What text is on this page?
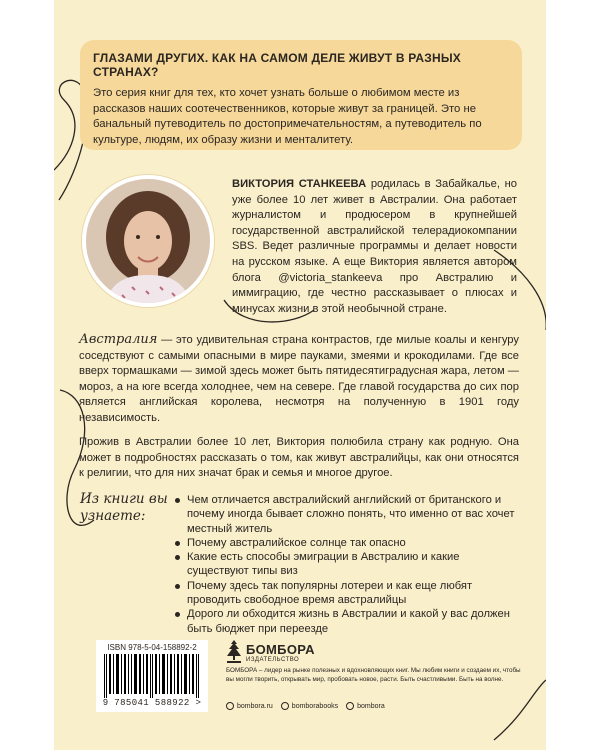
ГЛАЗАМИ ДРУГИХ. КАК НА САМОМ ДЕЛЕ ЖИВУТ В РАЗНЫХ СТРАНАХ?
Это серия книг для тех, кто хочет узнать больше о любимом месте из рассказов наших соотечественников, которые живут за границей. Это не банальный путеводитель по достопримечательностям, а путеводитель по культуре, людям, их образу жизни и менталитету.
ВИКТОРИЯ СТАНКЕЕВА родилась в Забайкалье, но уже более 10 лет живет в Австралии. Она работает журналистом и продюсером в крупнейшей государственной австралийской телерадиокомпании SBS. Ведет различные программы и делает новости на русском языке. А еще Виктория является автором блога @victoria_stankeeva про Австралию и иммиграцию, где честно рассказывает о плюсах и минусах жизни в этой необычной стране.
Австралия — это удивительная страна контрастов, где милые коалы и кенгуру соседствуют с самыми опасными в мире пауками, змеями и крокодилами. Где все вверх тормашками — зимой здесь может быть пятидесятиградусная жара, летом — мороз, а на юге всегда холоднее, чем на севере. Где главой государства до сих пор является английская королева, несмотря на полученную в 1901 году независимость.
Прожив в Австралии более 10 лет, Виктория полюбила страну как родную. Она может в подробностях рассказать о том, как живут австралийцы, как они относятся к религии, что для них значат брак и семья и многое другое.
Из книги вы узнаете:
Чем отличается австралийский английский от британского и почему иногда бывает сложно понять, что именно от вас хочет местный житель
Почему австралийское солнце так опасно
Какие есть способы эмиграции в Австралию и какие существуют типы виз
Почему здесь так популярны лотереи и как еще любят проводить свободное время австралийцы
Дорого ли обходится жизнь в Австралии и какой у вас должен быть бюджет при переезде
ISBN 978-5-04-158892-2
9 785041 588922 >
БОМБОРА
ИЗДАТЕЛЬСТВО
БОМБОРА – лидер на рынке полезных и вдохновляющих книг. Мы любим книги и создаем их, чтобы вы могли творить, открывать мир, пробовать новое, расти. Быть счастливыми. Быть на волне.
bombora.ru	bomborabooks	bombora
